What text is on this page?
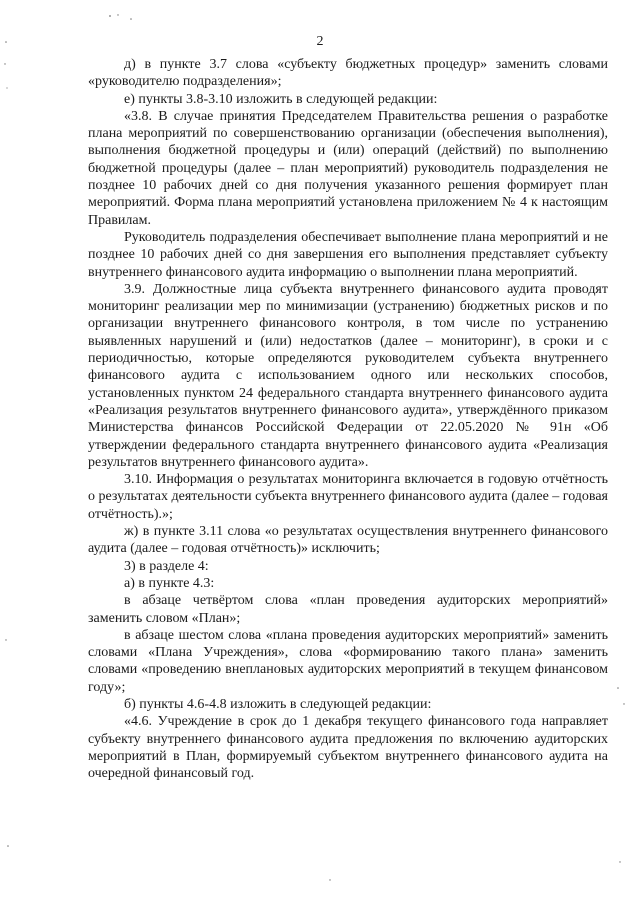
2

д) в пункте 3.7 слова «субъекту бюджетных процедур» заменить словами «руководителю подразделения»;

е) пункты 3.8-3.10 изложить в следующей редакции:

«3.8. В случае принятия Председателем Правительства решения о разработке плана мероприятий по совершенствованию организации (обеспечения выполнения), выполнения бюджетной процедуры и (или) операций (действий) по выполнению бюджетной процедуры (далее – план мероприятий) руководитель подразделения не позднее 10 рабочих дней со дня получения указанного решения формирует план мероприятий. Форма плана мероприятий установлена приложением № 4 к настоящим Правилам.

Руководитель подразделения обеспечивает выполнение плана мероприятий и не позднее 10 рабочих дней со дня завершения его выполнения представляет субъекту внутреннего финансового аудита информацию о выполнении плана мероприятий.

3.9. Должностные лица субъекта внутреннего финансового аудита проводят мониторинг реализации мер по минимизации (устранению) бюджетных рисков и по организации внутреннего финансового контроля, в том числе по устранению выявленных нарушений и (или) недостатков (далее – мониторинг), в сроки и с периодичностью, которые определяются руководителем субъекта внутреннего финансового аудита с использованием одного или нескольких способов, установленных пунктом 24 федерального стандарта внутреннего финансового аудита «Реализация результатов внутреннего финансового аудита», утверждённого приказом Министерства финансов Российской Федерации от 22.05.2020 № 91н «Об утверждении федерального стандарта внутреннего финансового аудита «Реализация результатов внутреннего финансового аудита».

3.10. Информация о результатах мониторинга включается в годовую отчётность о результатах деятельности субъекта внутреннего финансового аудита (далее – годовая отчётность).»;

ж) в пункте 3.11 слова «о результатах осуществления внутреннего финансового аудита (далее – годовая отчётность)» исключить;

3) в разделе 4:

а) в пункте 4.3:

в абзаце четвёртом слова «план проведения аудиторских мероприятий» заменить словом «План»;

в абзаце шестом слова «плана проведения аудиторских мероприятий» заменить словами «Плана Учреждения», слова «формированию такого плана» заменить словами «проведению внеплановых аудиторских мероприятий в текущем финансовом году»;

б) пункты 4.6-4.8 изложить в следующей редакции:

«4.6. Учреждение в срок до 1 декабря текущего финансового года направляет субъекту внутреннего финансового аудита предложения по включению аудиторских мероприятий в План, формируемый субъектом внутреннего финансового аудита на очередной финансовый год.
